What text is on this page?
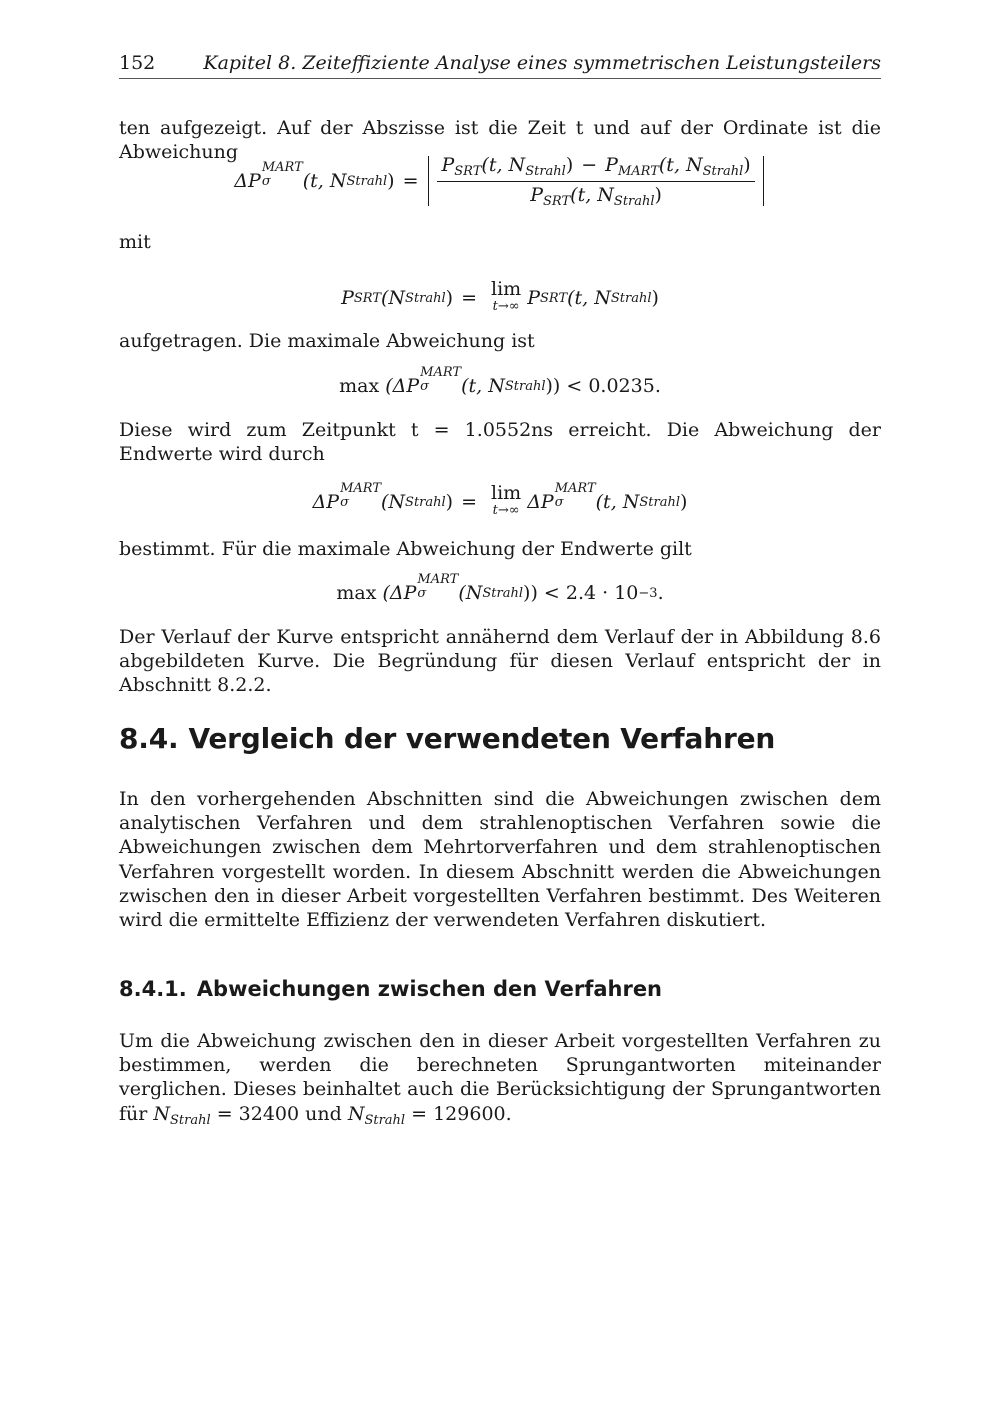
152	Kapitel 8. Zeiteffiziente Analyse eines symmetrischen Leistungsteilers

ten aufgezeigt. Auf der Abszisse ist die Zeit t und auf der Ordinate ist die Abweichung

ΔP
MART
σ	(t, N Strahl ) = $\frac{P_{SRT}(t, N_{Strahl}) - P_{MART}(t, N_{Strahl})}{P_{SRT}(t, N_{Strahl})}$

mit

P SRT (N Strahl ) = lim
t→∞ P SRT (t, N Strahl )

aufgetragen. Die maximale Abweichung ist

max
(ΔP
MART
σ	(t, N Strahl ))
< 0.0235.

Diese wird zum Zeitpunkt t = 1.0552ns erreicht. Die Abweichung der Endwerte wird durch

ΔP
MART
σ	(N Strahl ) = lim
t→∞ ΔP
MART
σ	(t, N Strahl )

bestimmt. Für die maximale Abweichung der Endwerte gilt

max
(ΔP
MART
σ	(N Strahl ))
< 2.4 · 10 −3 .

Der Verlauf der Kurve entspricht annähernd dem Verlauf der in Abbildung 8.6 abgebildeten Kurve. Die Begründung für diesen Verlauf entspricht der in Abschnitt 8.2.2.

8.4. Vergleich der verwendeten Verfahren

In den vorhergehenden Abschnitten sind die Abweichungen zwischen dem analytischen Verfahren und dem strahlenoptischen Verfahren sowie die Abweichungen zwischen dem Mehrtorverfahren und dem strahlenoptischen Verfahren vorgestellt worden. In diesem Abschnitt werden die Abweichungen zwischen den in dieser Arbeit vorgestellten Verfahren bestimmt. Des Weiteren wird die ermittelte Effizienz der verwendeten Verfahren diskutiert.

8.4.1. Abweichungen zwischen den Verfahren

Um die Abweichung zwischen den in dieser Arbeit vorgestellten Verfahren zu bestimmen, werden die berechneten Sprungantworten miteinander verglichen. Dieses beinhaltet auch die Berücksichtigung der Sprungantworten für $N_{Strahl} = 32400$ und $N_{Strahl} = 129600$.
